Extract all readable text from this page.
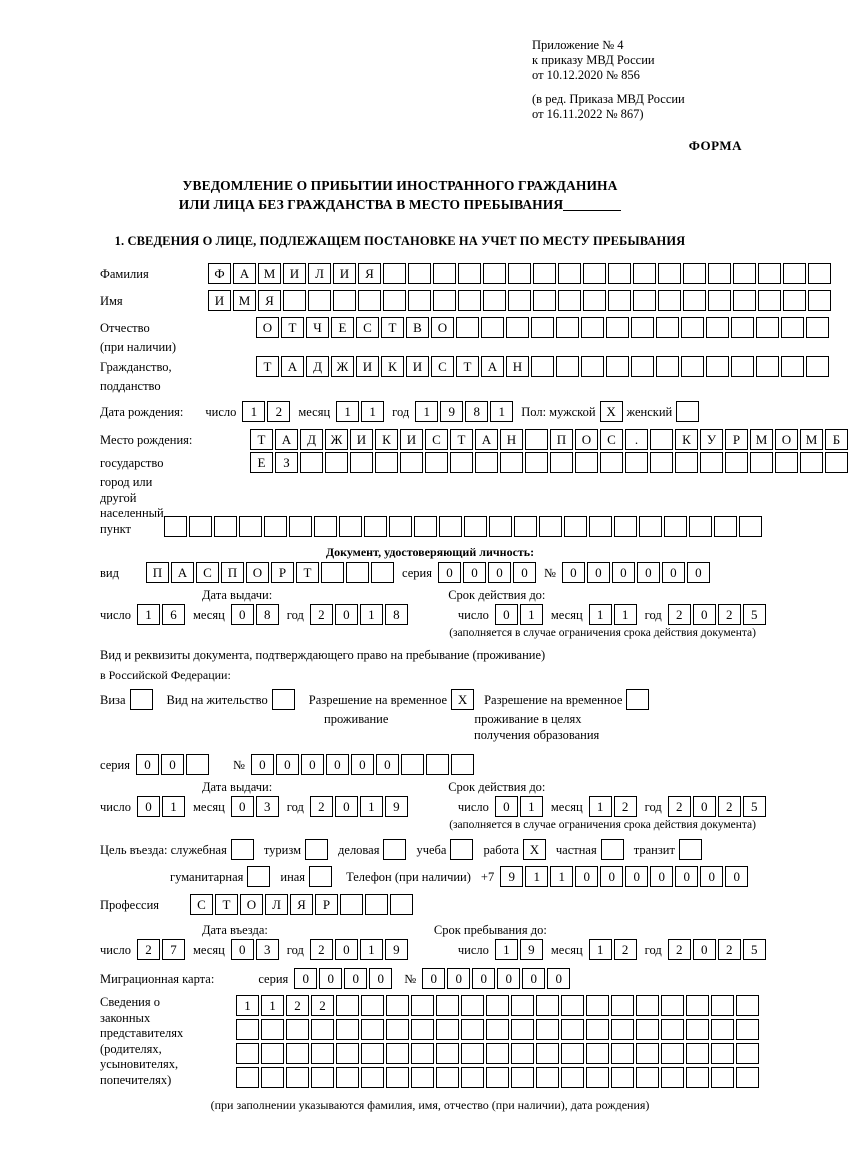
Приложение № 4
к приказу МВД России
от 10.12.2020 № 856
(в ред. Приказа МВД России
от 16.11.2022 № 867)
ФОРМА
УВЕДОМЛЕНИЕ О ПРИБЫТИИ ИНОСТРАННОГО ГРАЖДАНИНА
ИЛИ ЛИЦА БЕЗ ГРАЖДАНСТВА В МЕСТО ПРЕБЫВАНИЯ
1. СВЕДЕНИЯ О ЛИЦЕ, ПОДЛЕЖАЩЕМ ПОСТАНОВКЕ НА УЧЕТ ПО МЕСТУ ПРЕБЫВАНИЯ
Фамилия	Ф	А	М	И	Л	И	Я
Имя	И	М	Я
Отчество	О	Т	Ч	Е	С	Т	В	О
(при наличии)
Гражданство,	Т	А	Д	Ж	И	К	И	С	Т	А	Н
подданство
Дата рождения: число	1	2	месяц	1	1	год	1	9	8	1	Пол: мужской X женский
Место рождения:	Т	А	Д	Ж	И	К	И	С	Т	А	Н	П	О	С	.	К	У	Р	М	О	М	Б
государство	Е	З
город или другой
населенный пункт
Документ, удостоверяющий личность:
вид	П	А	С	П	О	Р	Т	серия	0	0	0	0	№	0	0	0	0	0	0
Дата выдачи:	Срок действия до:
число	1	6	месяц	0	8	год	2	0	1	8	число	0	1	месяц	1	1	год	2	0	2	5
(заполняется в случае ограничения срока действия документа)
Вид и реквизиты документа, подтверждающего право на пребывание (проживание)
в Российской Федерации:
Виза	Вид на жительство	Разрешение на временное X	Разрешение на временное
проживание	проживание в целях
получения образования
серия	0	0	№	0	0	0	0	0	0
Дата выдачи:	Срок действия до:
число	0	1	месяц	0	3	год	2	0	1	9	число	0	1	месяц	1	2	год	2	0	2	5
(заполняется в случае ограничения срока действия документа)
Цель въезда: служебная	туризм	деловая	учеба	работа X	частная	транзит
гуманитарная	иная	Телефон (при наличии) +7	9	1	1	0	0	0	0	0	0	0
Профессия	С	Т	О	Л	Я	Р
Дата въезда:	Срок пребывания до:
число	2	7	месяц	0	3	год	2	0	1	9	число	1	9	месяц	1	2	год	2	0	2	5
Миграционная карта:	серия	0	0	0	0	№	0	0	0	0	0	0
Сведения о
законных
представителях
(родителях,
усыновителях,
попечителях)
1	1	2	2
(при заполнении указываются фамилия, имя, отчество (при наличии), дата рождения)
